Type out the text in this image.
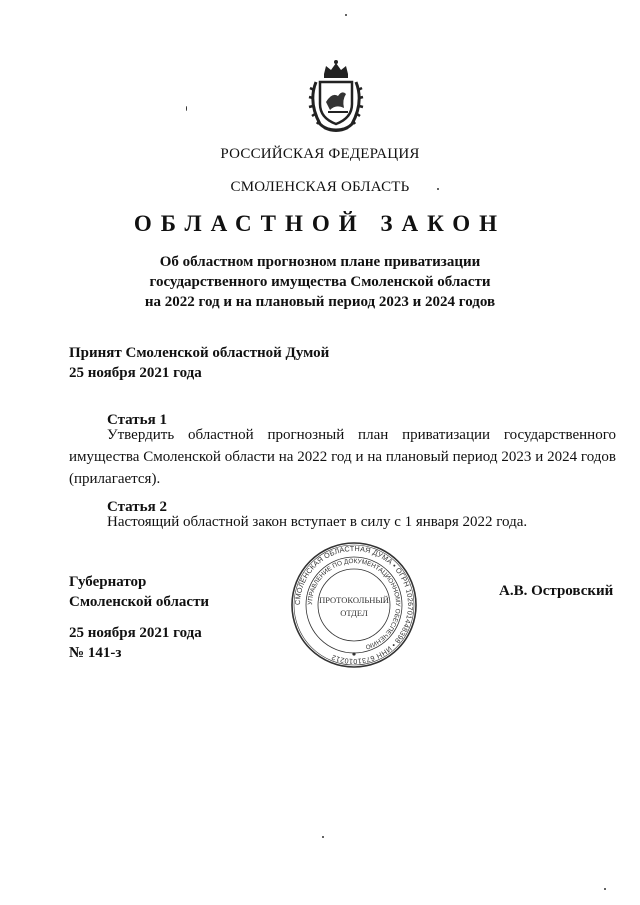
РОССИЙСКАЯ ФЕДЕРАЦИЯ
СМОЛЕНСКАЯ ОБЛАСТЬ
ОБЛАСТНОЙ ЗАКОН
Об областном прогнозном плане приватизации
государственного имущества Смоленской области
на 2022 год и на плановый период 2023 и 2024 годов
Принят Смоленской областной Думой
25 ноября 2021 года
Статья 1
Утвердить областной прогнозный план приватизации государственного имущества Смоленской области на 2022 год и на плановый период 2023 и 2024 годов (прилагается).
Статья 2
Настоящий областной закон вступает в силу с 1 января 2022 года.
СМОЛЕНСКАЯ ОБЛАСТНАЯ ДУМА • ОГРН 1026701448398 • ИНН 6731010212
УПРАВЛЕНИЕ ПО ДОКУМЕНТАЦИОННОМУ ОБЕСПЕЧЕНИЮ
ПРОТОКОЛЬНЫЙ
ОТДЕЛ
Губернатор
Смоленской области
А.В. Островский
25 ноября 2021 года
№ 141-з
